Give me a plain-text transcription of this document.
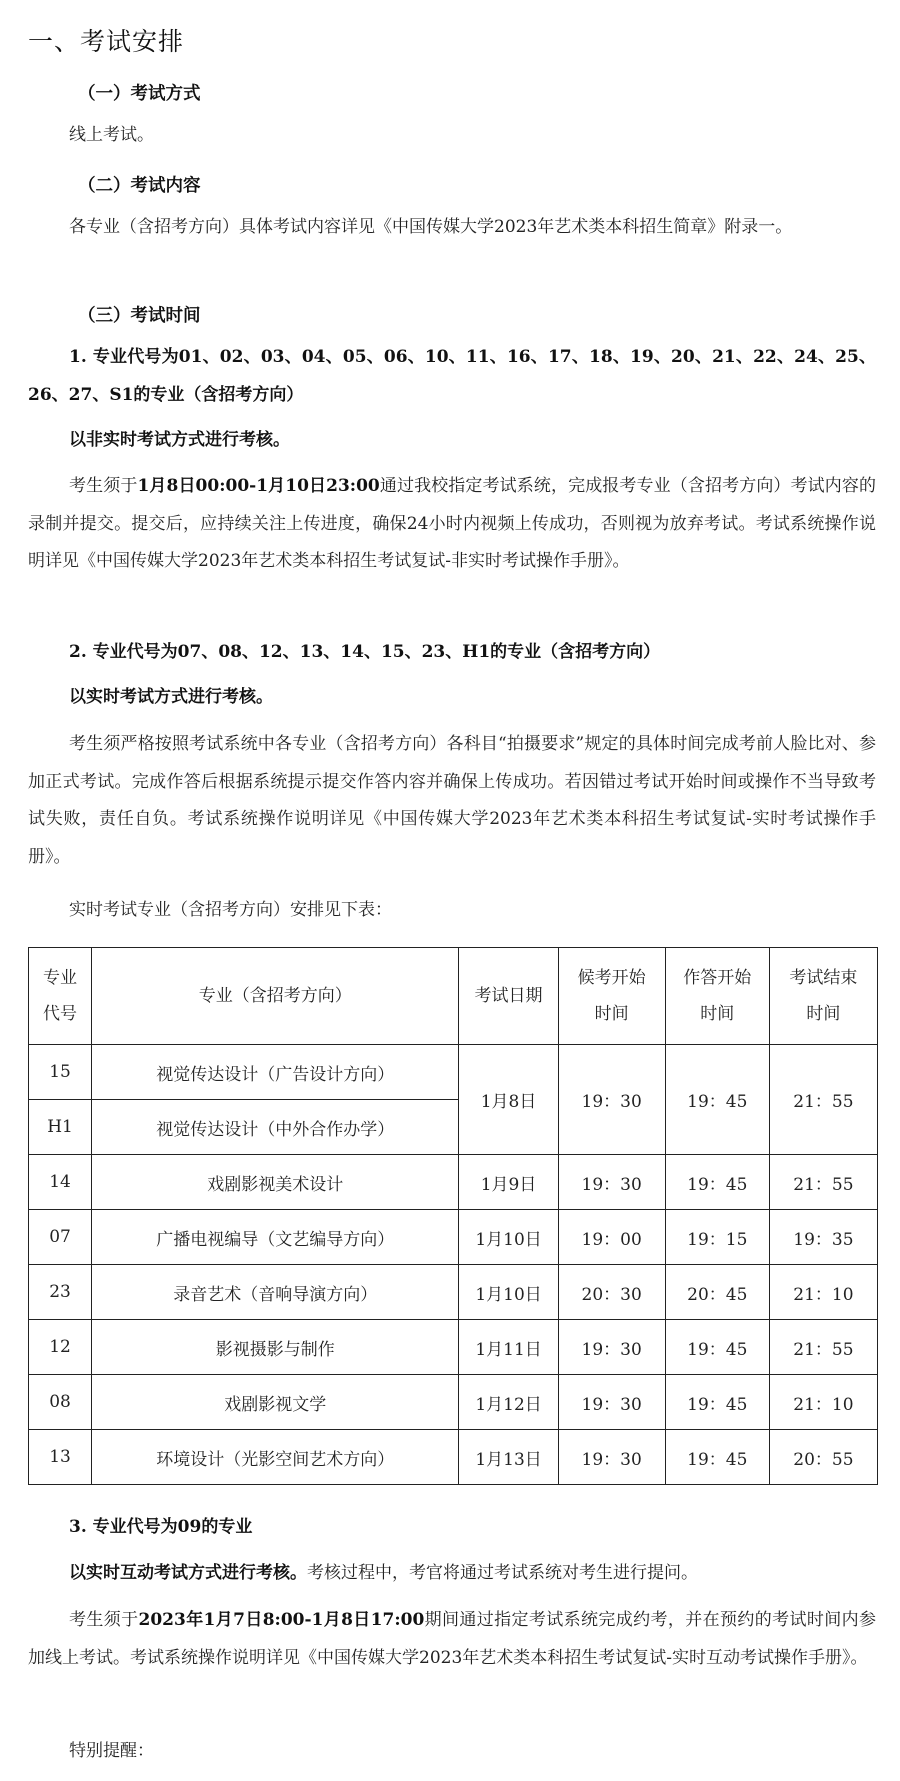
一、考试安排
（一）考试方式

线上考试。

（二）考试内容

各专业（含招考方向）具体考试内容详见《中国传媒大学2023年艺术类本科招生简章》附录一。

（三）考试时间

1. 专业代号为01、02、03、04、05、06、10、11、16、17、18、19、20、21、22、24、25、26、27、S1的专业（含招考方向）

以非实时考试方式进行考核。

考生须于1月8日00:00-1月10日23:00通过我校指定考试系统，完成报考专业（含招考方向）考试内容的录制并提交。提交后，应持续关注上传进度，确保24小时内视频上传成功，否则视为放弃考试。考试系统操作说明详见《中国传媒大学2023年艺术类本科招生考试复试-非实时考试操作手册》。

2. 专业代号为07、08、12、13、14、15、23、H1的专业（含招考方向）

以实时考试方式进行考核。

考生须严格按照考试系统中各专业（含招考方向）各科目“拍摄要求”规定的具体时间完成考前人脸比对、参加正式考试。完成作答后根据系统提示提交作答内容并确保上传成功。若因错过考试开始时间或操作不当导致考试失败，责任自负。考试系统操作说明详见《中国传媒大学2023年艺术类本科招生考试复试-实时考试操作手册》。

实时考试专业（含招考方向）安排见下表：

专业代号	专业（含招考方向）	考试日期	候考开始时间	作答开始时间	考试结束时间
15	视觉传达设计（广告设计方向）	1月8日	19：30	19：45	21：55
H1	视觉传达设计（中外合作办学）				
14	戏剧影视美术设计	1月9日	19：30	19：45	21：55
07	广播电视编导（文艺编导方向）	1月10日	19：00	19：15	19：35
23	录音艺术（音响导演方向）	1月10日	20：30	20：45	21：10
12	影视摄影与制作	1月11日	19：30	19：45	21：55
08	戏剧影视文学	1月12日	19：30	19：45	21：10
13	环境设计（光影空间艺术方向）	1月13日	19：30	19：45	20：55

3. 专业代号为09的专业

以实时互动考试方式进行考核。考核过程中，考官将通过考试系统对考生进行提问。

考生须于2023年1月7日8:00-1月8日17:00期间通过指定考试系统完成约考，并在预约的考试时间内参加线上考试。考试系统操作说明详见《中国传媒大学2023年艺术类本科招生考试复试-实时互动考试操作手册》。

特别提醒：
